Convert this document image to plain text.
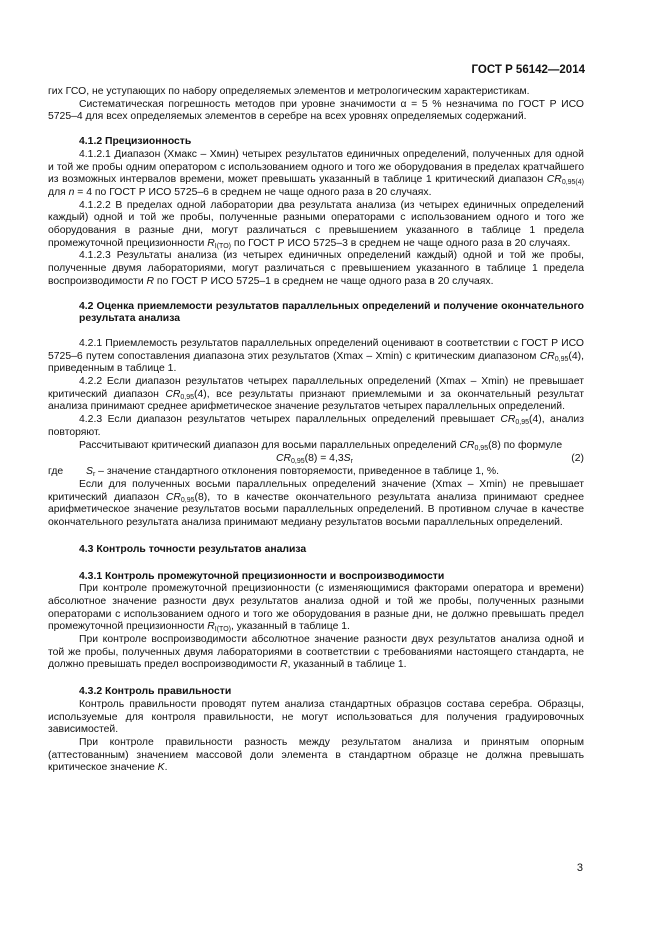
ГОСТ Р 56142—2014

гих ГСО, не уступающих по набору определяемых элементов и метрологическим характеристикам.

Систематическая погрешность методов при уровне значимости α = 5 % незначима по ГОСТ Р ИСО 5725–4 для всех определяемых элементов в серебре на всех уровнях определяемых содержаний.

4.1.2 Прецизионность

4.1.2.1 Диапазон (Хмакс – Хмин) четырех результатов единичных определений, полученных для одной и той же пробы одним оператором с использованием одного и того же оборудования в пределах кратчайшего из возможных интервалов времени, может превышать указанный в таблице 1 критический диапазон $CR_{0,95(4)}$ для n = 4 по ГОСТ Р ИСО 5725–6 в среднем не чаще одного раза в 20 случаях.

4.1.2.2 В пределах одной лаборатории два результата анализа (из четырех единичных определений каждый) одной и той же пробы, полученные разными операторами с использованием одного и того же оборудования в разные дни, могут различаться с превышением указанного в таблице 1 предела промежуточной прецизионности $R_{I(TO)}$ по ГОСТ Р ИСО 5725–3 в среднем не чаще одного раза в 20 случаях.

4.1.2.3 Результаты анализа (из четырех единичных определений каждый) одной и той же пробы, полученные двумя лабораториями, могут различаться с превышением указанного в таблице 1 предела воспроизводимости R по ГОСТ Р ИСО 5725–1 в среднем не чаще одного раза в 20 случаях.

4.2 Оценка приемлемости результатов параллельных определений и получение окончательного результата анализа

4.2.1 Приемлемость результатов параллельных определений оценивают в соответствии с ГОСТ Р ИСО 5725–6 путем сопоставления диапазона этих результатов (Xmax – Xmin) с критическим диапазоном $CR_{0,95}(4)$, приведенным в таблице 1.

4.2.2 Если диапазон результатов четырех параллельных определений (Xmax – Xmin) не превышает критический диапазон $CR_{0,95}(4)$, все результаты признают приемлемыми и за окончательный результат анализа принимают среднее арифметическое значение результатов четырех параллельных определений.

4.2.3 Если диапазон результатов четырех параллельных определений превышает $CR_{0,95}(4)$, анализ повторяют.

Рассчитывают критический диапазон для восьми параллельных определений $CR_{0,95}(8)$ по формуле

$CR_{0,95}(8) = 4,3S_r$	(2)

где $S_r$ – значение стандартного отклонения повторяемости, приведенное в таблице 1, %.

Если для полученных восьми параллельных определений значение (Xmax – Xmin) не превышает критический диапазон $CR_{0,95}(8)$, то в качестве окончательного результата анализа принимают среднее арифметическое значение результатов восьми параллельных определений. В противном случае в качестве окончательного результата анализа принимают медиану результатов восьми параллельных определений.

4.3 Контроль точности результатов анализа

4.3.1 Контроль промежуточной прецизионности и воспроизводимости

При контроле промежуточной прецизионности (с изменяющимися факторами оператора и времени) абсолютное значение разности двух результатов анализа одной и той же пробы, полученных разными операторами с использованием одного и того же оборудования в разные дни, не должно превышать предел промежуточной прецизионности $R_{I(TO)}$, указанный в таблице 1.

При контроле воспроизводимости абсолютное значение разности двух результатов анализа одной и той же пробы, полученных двумя лабораториями в соответствии с требованиями настоящего стандарта, не должно превышать предел воспроизводимости R, указанный в таблице 1.

4.3.2 Контроль правильности

Контроль правильности проводят путем анализа стандартных образцов состава серебра. Образцы, используемые для контроля правильности, не могут использоваться для получения градуировочных зависимостей.

При контроле правильности разность между результатом анализа и принятым опорным (аттестованным) значением массовой доли элемента в стандартном образце не должна превышать критическое значение K.

3
